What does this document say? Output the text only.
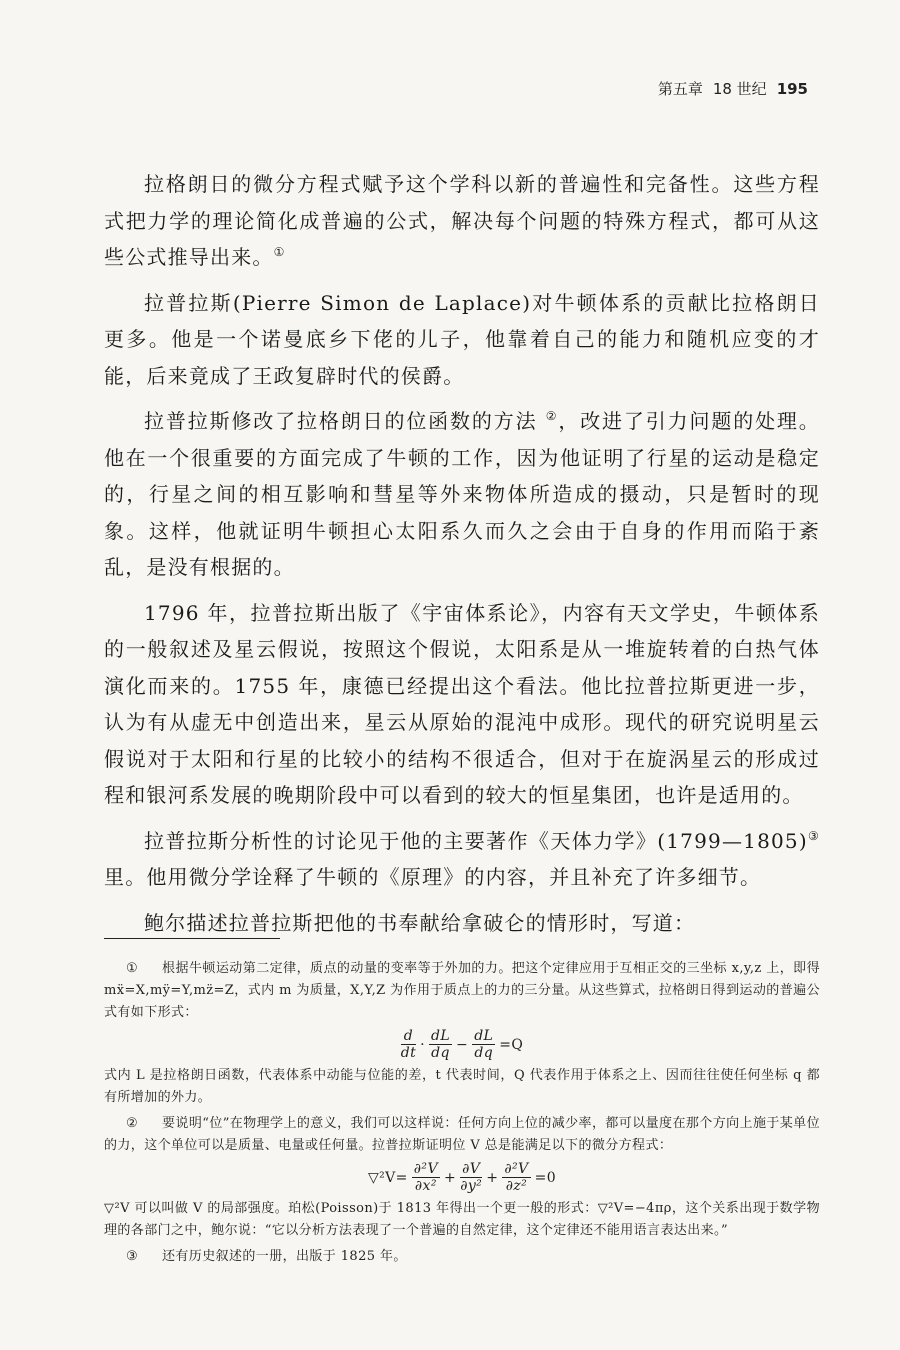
第五章 18 世纪 195

拉格朗日的微分方程式赋予这个学科以新的普遍性和完备性。这些方程式把力学的理论简化成普遍的公式，解决每个问题的特殊方程式，都可从这些公式推导出来。①

拉普拉斯(Pierre Simon de Laplace)对牛顿体系的贡献比拉格朗日更多。他是一个诺曼底乡下佬的儿子，他靠着自己的能力和随机应变的才能，后来竟成了王政复辟时代的侯爵。

拉普拉斯修改了拉格朗日的位函数的方法 ②，改进了引力问题的处理。他在一个很重要的方面完成了牛顿的工作，因为他证明了行星的运动是稳定的，行星之间的相互影响和彗星等外来物体所造成的摄动，只是暂时的现象。这样，他就证明牛顿担心太阳系久而久之会由于自身的作用而陷于紊乱，是没有根据的。

1796 年，拉普拉斯出版了《宇宙体系论》，内容有天文学史，牛顿体系的一般叙述及星云假说，按照这个假说，太阳系是从一堆旋转着的白热气体演化而来的。1755 年，康德已经提出这个看法。他比拉普拉斯更进一步，认为有从虚无中创造出来，星云从原始的混沌中成形。现代的研究说明星云假说对于太阳和行星的比较小的结构不很适合，但对于在旋涡星云的形成过程和银河系发展的晚期阶段中可以看到的较大的恒星集团，也许是适用的。

拉普拉斯分析性的讨论见于他的主要著作《天体力学》(1799—1805)③里。他用微分学诠释了牛顿的《原理》的内容，并且补充了许多细节。

鲍尔描述拉普拉斯把他的书奉献给拿破仑的情形时，写道：

① 根据牛顿运动第二定律，质点的动量的变率等于外加的力。把这个定律应用于互相正交的三坐标 x,y,z 上，即得 mẍ=X,mÿ=Y,mz̈=Z，式内 m 为质量，X,Y,Z 为作用于质点上的力的三分量。从这些算式，拉格朗日得到运动的普遍公式有如下形式：
$\frac{d}{dt} \cdot \frac{dL}{dq} - \frac{dL}{dq} =Q$
式内 L 是拉格朗日函数，代表体系中动能与位能的差，t 代表时间，Q 代表作用于体系之上、因而往往使任何坐标 q 都有所增加的外力。
② 要说明“位”在物理学上的意义，我们可以这样说：任何方向上位的减少率，都可以量度在那个方向上施于某单位的力，这个单位可以是质量、电量或任何量。拉普拉斯证明位 V 总是能满足以下的微分方程式：
▽²V= $\frac{\text{∂²V}}{\text{∂x²}} + \frac{\partial V}{\text{∂y²}} + \frac{\text{∂²V}}{\text{∂z²}} =0$
▽²V 可以叫做 V 的局部强度。珀松(Poisson)于 1813 年得出一个更一般的形式：▽²V=−4πρ，这个关系出现于数学物理的各部门之中，鲍尔说：“它以分析方法表现了一个普遍的自然定律，这个定律还不能用语言表达出来。”
③ 还有历史叙述的一册，出版于 1825 年。
